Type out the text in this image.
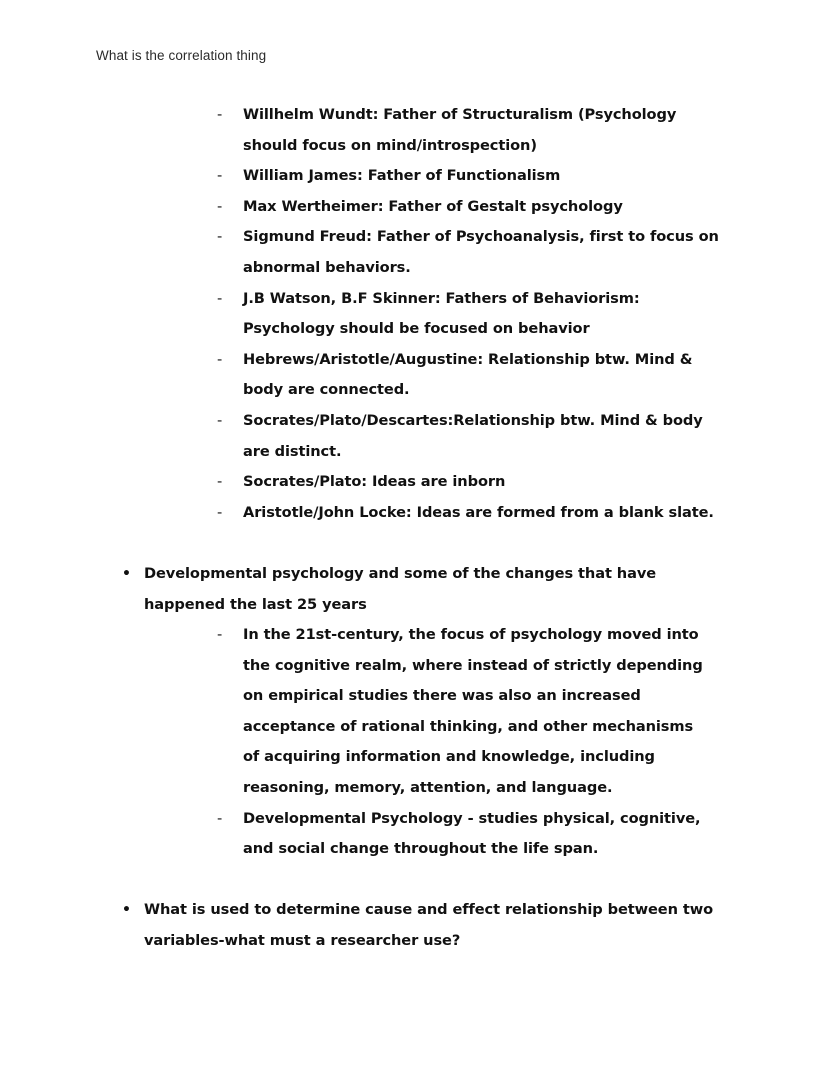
What is the correlation thing
-	Willhelm Wundt: Father of Structuralism (Psychology should focus on mind/introspection)
-	William James: Father of Functionalism
-	Max Wertheimer: Father of Gestalt psychology
-	Sigmund Freud: Father of Psychoanalysis, first to focus on abnormal behaviors.
-	J.B Watson, B.F Skinner: Fathers of Behaviorism: Psychology should be focused on behavior
-	Hebrews/Aristotle/Augustine: Relationship btw. Mind & body are connected.
-	Socrates/Plato/Descartes:Relationship btw. Mind & body are distinct.
-	Socrates/Plato: Ideas are inborn
-	Aristotle/John Locke: Ideas are formed from a blank slate.
• Developmental psychology and some of the changes that have happened the last 25 years
-	In the 21st-century, the focus of psychology moved into the cognitive realm, where instead of strictly depending on empirical studies there was also an increased acceptance of rational thinking, and other mechanisms of acquiring information and knowledge, including reasoning, memory, attention, and language.
-	Developmental Psychology - studies physical, cognitive, and social change throughout the life span.
• What is used to determine cause and effect relationship between two variables-what must a researcher use?
